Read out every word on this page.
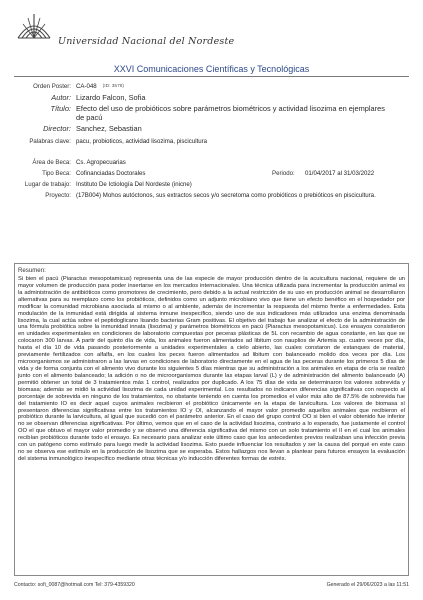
Universidad Nacional del Nordeste
XXVI Comunicaciones Científicas y Tecnológicas
Orden Poster: CA-048 (ID: 3578)
Autor: Lizardo Falcon, Sofia
Título: Efecto del uso de probióticos sobre parámetros biométricos y actividad lisozima en ejemplares
de pacú
Director: Sanchez, Sebastian
Palabras clave: pacu, probioticos, actividad lisozima, piscicultura
Área de Beca: Cs. Agropecuarias
Tipo Beca: Cofinanciadas Doctorales	Periodo: 01/04/2017 al 31/03/2022
Lugar de trabajo: Instituto De Ictiología Del Nordeste (inicne)
Proyecto: (17B004) Mohos autóctonos, sus extractos secos y/o secretoma como probióticos o prebióticos en piscicultura.
Resumen:
Si bien el pacú (Piaractus mesopotamicus) representa una de las especie de mayor producción dentro de la acuicultura nacional, requiere de un mayor volumen de producción para poder insertarse en los mercados internacionales. Una técnica utilizada para incrementar la producción animal es la administración de antibióticos como promotores de crecimiento, pero debido a la actual restricción de su uso en producción animal se desarrollaron alternativas para su reemplazo como los probióticos, definidos como un adjunto microbiano vivo que tiene un efecto benéfico en el hospedador por modificar la comunidad microbiana asociada al mismo o al ambiente, además de incrementar la respuesta del mismo frente a enfermedades. Esta modulación de la inmunidad está dirigida al sistema inmune inespecífico, siendo uno de sus indicadores más utilizados una enzima denominada lisozima, la cual actúa sobre el peptidoglicano lisando bacterias Gram positivas. El objetivo del trabajo fue analizar el efecto de la administración de una fórmula probiótica sobre la inmunidad innata (lisozima) y parámetros biométricos en pacú (Piaractus mesopotamicus). Los ensayos consistieron en unidades experimentales en condiciones de laboratorio compuestas por peceras plásticas de 5L con recambio de agua constante, en las que se colocaron 300 larvas. A partir del quinto día de vida, los animales fueron alimentados ad libitum con nauplios de Artemia sp. cuatro veces por día, hasta el día 10 de vida pasando posteriormente a unidades experimentales a cielo abierto, las cuales constaron de estanques de material, previamente fertilizados con alfalfa, en los cuales los peces fueron alimentados ad libitum con balanceado molido dos veces por día. Los microorganismos se administraron a las larvas en condiciones de laboratorio directamente en el agua de las peceras durante los primeros 5 días de vida y de forma conjunta con el alimento vivo durante los siguientes 5 días mientras que su administración a los animales en etapa de cría se realizó junto con el alimento balanceado; la adición o no de microorganismos durante las etapas larval (L) y de administración del alimento balanceado (A) permitió obtener un total de 3 tratamientos más 1 control, realizados por duplicado. A los 75 días de vida se determinaron los valores sobrevida y biomasa; además se midió la actividad lisozima de cada unidad experimental. Los resultados no indicaron diferencias significativas con respecto al porcentaje de sobrevida en ninguno de los tratamientos, no obstante teniendo en cuenta los promedios el valor más alto de 87.5% de sobrevida fue del tratamiento IO es decir aquel cuyos animales recibieron el probiótico únicamente en la etapa de larvicultura. Los valores de biomasa sí presentaron diferencias significativas entre los tratamientos IO y OI, alcanzando el mayor valor promedio aquellos animales que recibieron el probiótico durante la larvicultura, al igual que sucedió con el parámetro anterior. En el caso del grupo control OO si bien el valor obtenido fue inferior no se observan diferencias significativas. Por último, vemos que en el caso de la actividad lisozima, contrario a lo esperado, fue justamente el control OO el que obtuvo el mayor valor promedio y se observó una diferencia significativa del mismo con un solo tratamiento el II en el cual los animales recibían probióticos durante todo el ensayo. Es necesario para analizar este último caso que los antecedentes previos realizaban una infección previa con un patógeno como estímulo para luego medir la actividad lisozima. Esto puede influenciar los resultados y ser la causa del porqué en este caso no se observa ese estímulo en la producción de lisozima que se esperaba. Estos hallazgos nos llevan a plantear para futuros ensayos la evaluación del sistema inmunológico inespecífico mediante otras técnicas y/o inducción diferentes formas de estrés.
Contacto: sofi_0087@hotmail.com Tel: 379-4359320	Generado el 29/06/2023 a las 11:51
